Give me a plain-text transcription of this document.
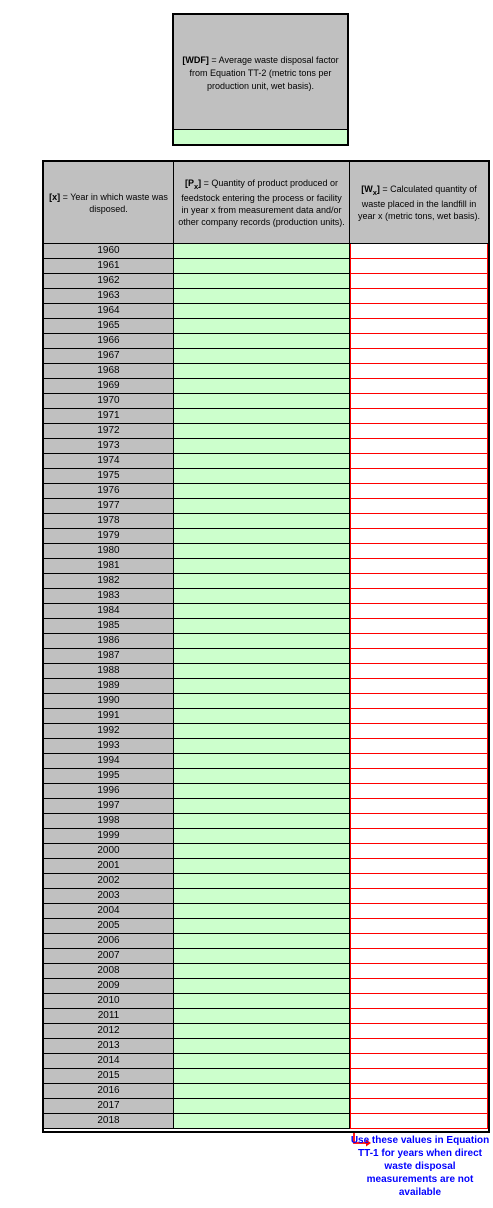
[WDF] = Average waste disposal factor from Equation TT-2 (metric tons per production unit, wet basis).
[x] = Year in which waste was disposed.
$[P_x]$ = Quantity of product produced or feedstock entering the process or facility in year x from measurement data and/or other company records (production units).
$[W_x]$ = Calculated quantity of waste placed in the landfill in year x (metric tons, wet basis).
1960
1961
1962
1963
1964
1965
1966
1967
1968
1969
1970
1971
1972
1973
1974
1975
1976
1977
1978
1979
1980
1981
1982
1983
1984
1985
1986
1987
1988
1989
1990
1991
1992
1993
1994
1995
1996
1997
1998
1999
2000
2001
2002
2003
2004
2005
2006
2007
2008
2009
2010
2011
2012
2013
2014
2015
2016
2017
2018
Use these values in Equation TT-1 for years when direct waste disposal measurements are not available
